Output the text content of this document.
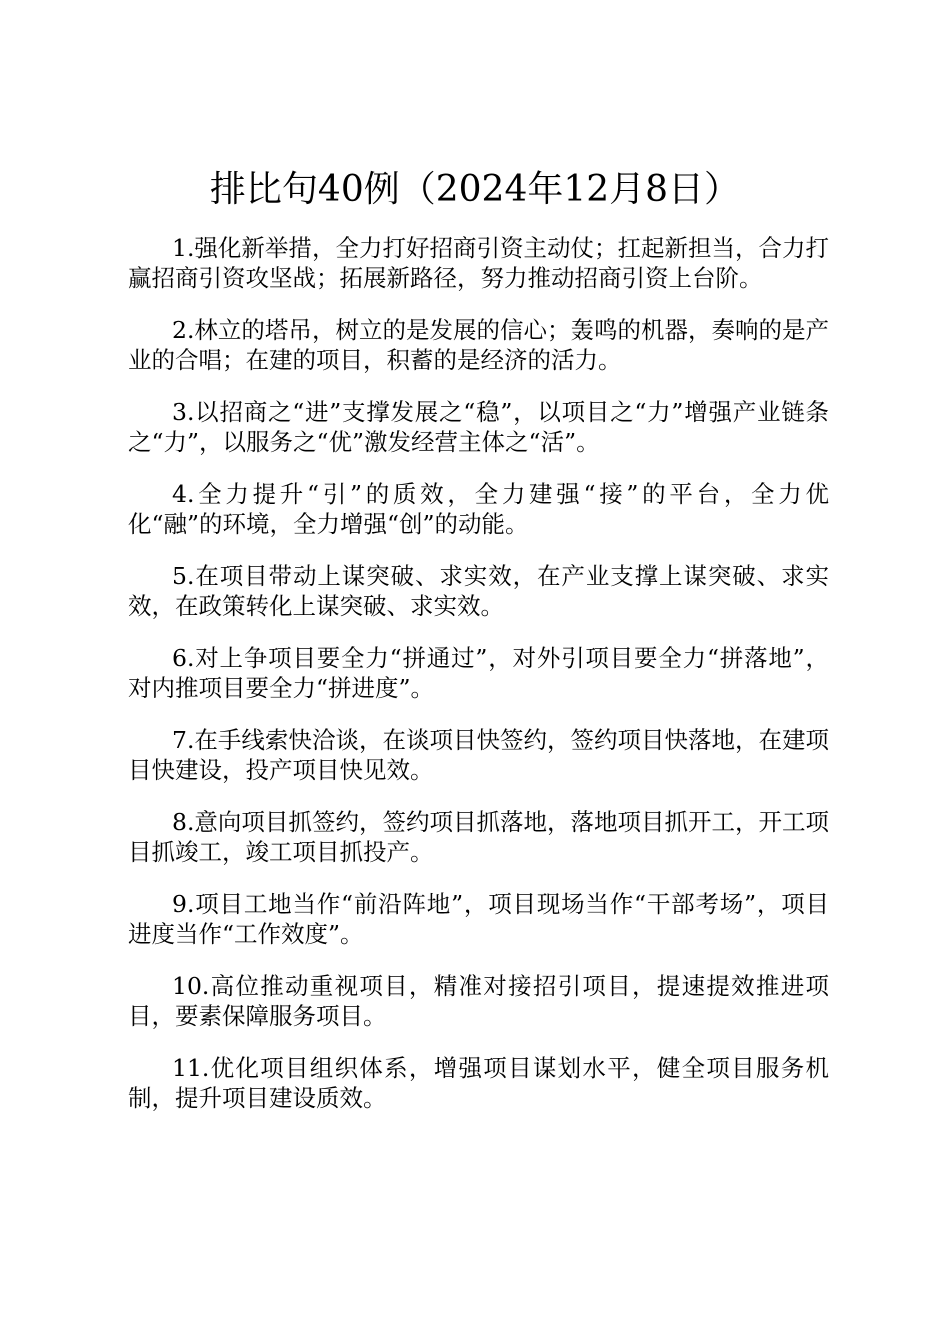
排比句40例（2024年12月8日）

1.强化新举措，全力打好招商引资主动仗；扛起新担当，合力打赢招商引资攻坚战；拓展新路径，努力推动招商引资上台阶。

2.林立的塔吊，树立的是发展的信心；轰鸣的机器，奏响的是产业的合唱；在建的项目，积蓄的是经济的活力。

3.以招商之“进”支撑发展之“稳”，以项目之“力”增强产业链条之“力”，以服务之“优”激发经营主体之“活”。

4.全力提升“引”的质效，全力建强“接”的平台，全力优化“融”的环境，全力增强“创”的动能。

5.在项目带动上谋突破、求实效，在产业支撑上谋突破、求实效，在政策转化上谋突破、求实效。

6.对上争项目要全力“拼通过”，对外引项目要全力“拼落地”，对内推项目要全力“拼进度”。

7.在手线索快洽谈，在谈项目快签约，签约项目快落地，在建项目快建设，投产项目快见效。

8.意向项目抓签约，签约项目抓落地，落地项目抓开工，开工项目抓竣工，竣工项目抓投产。

9.项目工地当作“前沿阵地”，项目现场当作“干部考场”，项目进度当作“工作效度”。

10.高位推动重视项目，精准对接招引项目，提速提效推进项目，要素保障服务项目。

11.优化项目组织体系，增强项目谋划水平，健全项目服务机制，提升项目建设质效。
